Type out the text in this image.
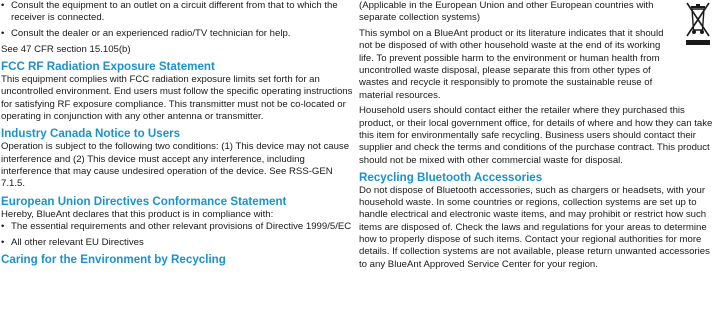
• Consult the equipment to an outlet on a circuit different from that to which the receiver is connected.
• Consult the dealer or an experienced radio/TV technician for help.

See 47 CFR section 15.105(b)

FCC RF Radiation Exposure Statement

This equipment complies with FCC radiation exposure limits set forth for an uncontrolled environment. End users must follow the specific operating instructions for satisfying RF exposure compliance. This transmitter must not be co-located or operating in conjunction with any other antenna or transmitter.

Industry Canada Notice to Users

Operation is subject to the following two conditions: (1) This device may not cause interference and (2) This device must accept any interference, including interference that may cause undesired operation of the device. See RSS-GEN 7.1.5.

European Union Directives Conformance Statement

Hereby, BlueAnt declares that this product is in compliance with:

• The essential requirements and other relevant provisions of Directive 1999/5/EC
• All other relevant EU Directives
Caring for the Environment by Recycling

(Applicable in the European Union and other European countries with separate collection systems)

This symbol on a BlueAnt product or its literature indicates that it should not be disposed of with other household waste at the end of its working life. To prevent possible harm to the environment or human health from uncontrolled waste disposal, please separate this from other types of wastes and recycle it responsibly to promote the sustainable reuse of material resources.

Household users should contact either the retailer where they purchased this product, or their local government office, for details of where and how they can take this item for environmentally safe recycling. Business users should contact their supplier and check the terms and conditions of the purchase contract. This product should not be mixed with other commercial waste for disposal.

Recycling Bluetooth Accessories

Do not dispose of Bluetooth accessories, such as chargers or headsets, with your household waste. In some countries or regions, collection systems are set up to handle electrical and electronic waste items, and may prohibit or restrict how such items are disposed of. Check the laws and regulations for your areas to determine how to properly dispose of such items. Contact your regional authorities for more details. If collection systems are not available, please return unwanted accessories to any BlueAnt Approved Service Center for your region.
